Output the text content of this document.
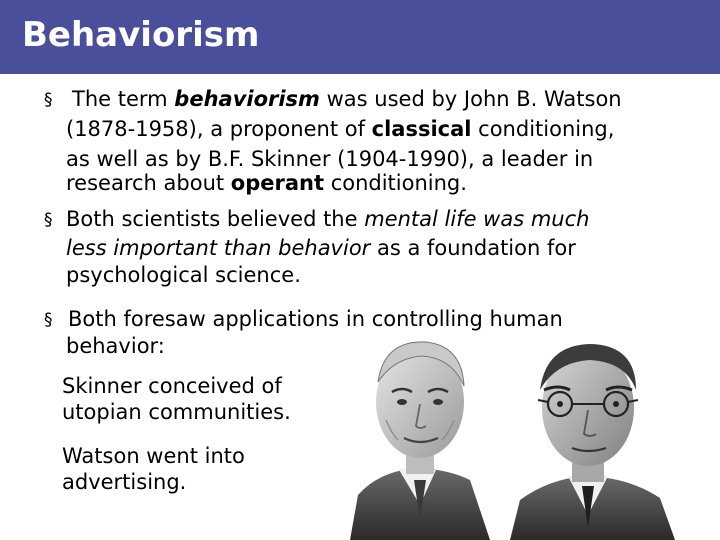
Behaviorism
§ The term behaviorism was used by John B. Watson
(1878-1958), a proponent of classical conditioning,
as well as by B.F. Skinner (1904-1990), a leader in
research about operant conditioning.
§ Both scientists believed the mental life was much
less important than behavior as a foundation for
psychological science.
§ Both foresaw applications in controlling human
behavior:
Skinner conceived of
utopian communities.
Watson went into
advertising.
